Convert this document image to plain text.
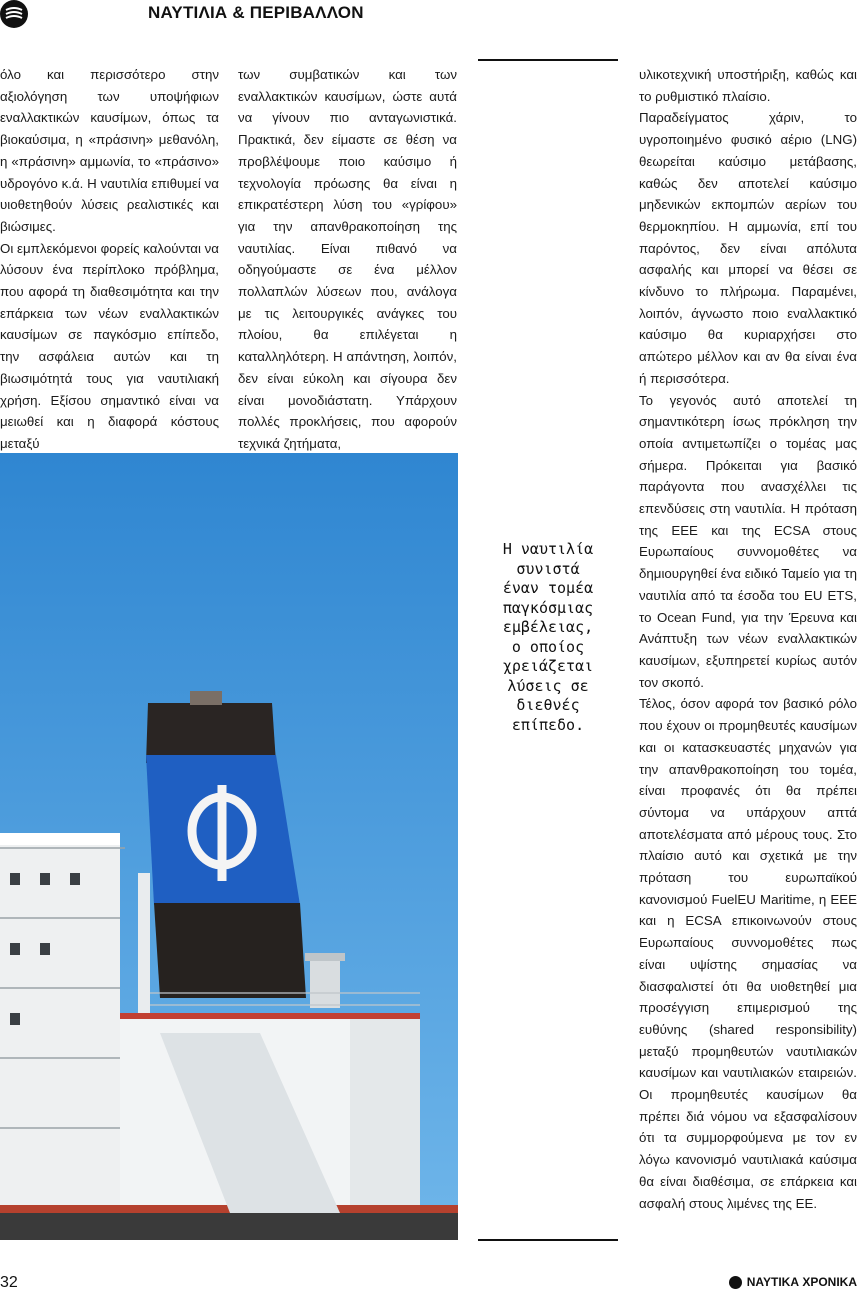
ΝΑΥΤΙΛΙΑ & ΠΕΡΙΒΑΛΛΟΝ

όλο και περισσότερο στην αξιολόγηση των υποψήφιων εναλλακτικών καυσίμων, όπως τα βιοκαύσιμα, η «πράσινη» μεθανόλη, η «πράσινη» αμμωνία, το «πράσινο» υδρογόνο κ.ά. Η ναυτιλία επιθυμεί να υιοθετηθούν λύσεις ρεαλιστικές και βιώσιμες.

Οι εμπλεκόμενοι φορείς καλούνται να λύσουν ένα περίπλοκο πρόβλημα, που αφορά τη διαθεσιμότητα και την επάρκεια των νέων εναλλακτικών καυσίμων σε παγκόσμιο επίπεδο, την ασφάλεια αυτών και τη βιωσιμότητά τους για ναυτιλιακή χρήση. Εξίσου σημαντικό είναι να μειωθεί και η διαφορά κόστους μεταξύ

των συμβατικών και των εναλλακτικών καυσίμων, ώστε αυτά να γίνουν πιο ανταγωνιστικά. Πρακτικά, δεν είμαστε σε θέση να προβλέψουμε ποιο καύσιμο ή τεχνολογία πρόωσης θα είναι η επικρατέστερη λύση του «γρίφου» για την απανθρακοποίηση της ναυτιλίας. Είναι πιθανό να οδηγούμαστε σε ένα μέλλον πολλαπλών λύσεων που, ανάλογα με τις λειτουργικές ανάγκες του πλοίου, θα επιλέγεται η καταλληλότερη. Η απάντηση, λοιπόν, δεν είναι εύκολη και σίγουρα δεν είναι μονοδιάστατη. Υπάρχουν πολλές προκλήσεις, που αφορούν τεχνικά ζητήματα,

Η ναυτιλία
συνιστά
έναν τομέα
παγκόσμιας
εμβέλειας,
ο οποίος
χρειάζεται
λύσεις σε
διεθνές
επίπεδο.

υλικοτεχνική υποστήριξη, καθώς και το ρυθμιστικό πλαίσιο.

Παραδείγματος χάριν, το υγροποιημένο φυσικό αέριο (LNG) θεωρείται καύσιμο μετάβασης, καθώς δεν αποτελεί καύσιμο μηδενικών εκπομπών αερίων του θερμοκηπίου. Η αμμωνία, επί του παρόντος, δεν είναι απόλυτα ασφαλής και μπορεί να θέσει σε κίνδυνο το πλήρωμα. Παραμένει, λοιπόν, άγνωστο ποιο εναλλακτικό καύσιμο θα κυριαρχήσει στο απώτερο μέλλον και αν θα είναι ένα ή περισσότερα.

Το γεγονός αυτό αποτελεί τη σημαντικότερη ίσως πρόκληση την οποία αντιμετωπίζει ο τομέας μας σήμερα. Πρόκειται για βασικό παράγοντα που ανασχέλλει τις επενδύσεις στη ναυτιλία. Η πρόταση της ΕΕΕ και της ECSA στους Ευρωπαίους συννομοθέτες να δημιουργηθεί ένα ειδικό Ταμείο για τη ναυτιλία από τα έσοδα του EU ETS, το Ocean Fund, για την Έρευνα και Ανάπτυξη των νέων εναλλακτικών καυσίμων, εξυπηρετεί κυρίως αυτόν τον σκοπό.

Τέλος, όσον αφορά τον βασικό ρόλο που έχουν οι προμηθευτές καυσίμων και οι κατασκευαστές μηχανών για την απανθρακοποίηση του τομέα, είναι προφανές ότι θα πρέπει σύντομα να υπάρχουν απτά αποτελέσματα από μέρους τους. Στο πλαίσιο αυτό και σχετικά με την πρόταση του ευρωπαϊκού κανονισμού FuelEU Maritime, η ΕΕΕ και η ECSA επικοινωνούν στους Ευρωπαίους συννομοθέτες πως είναι υψίστης σημασίας να διασφαλιστεί ότι θα υιοθετηθεί μια προσέγγιση επιμερισμού της ευθύνης (shared responsibility) μεταξύ προμηθευτών ναυτιλιακών καυσίμων και ναυτιλιακών εταιρειών. Οι προμηθευτές καυσίμων θα πρέπει διά νόμου να εξασφαλίσουν ότι τα συμμορφούμενα με τον εν λόγω κανονισμό ναυτιλιακά καύσιμα θα είναι διαθέσιμα, σε επάρκεια και ασφαλή στους λιμένες της ΕΕ.

32	ΝΑΥΤΙΚΑ ΧΡΟΝΙΚΑ
